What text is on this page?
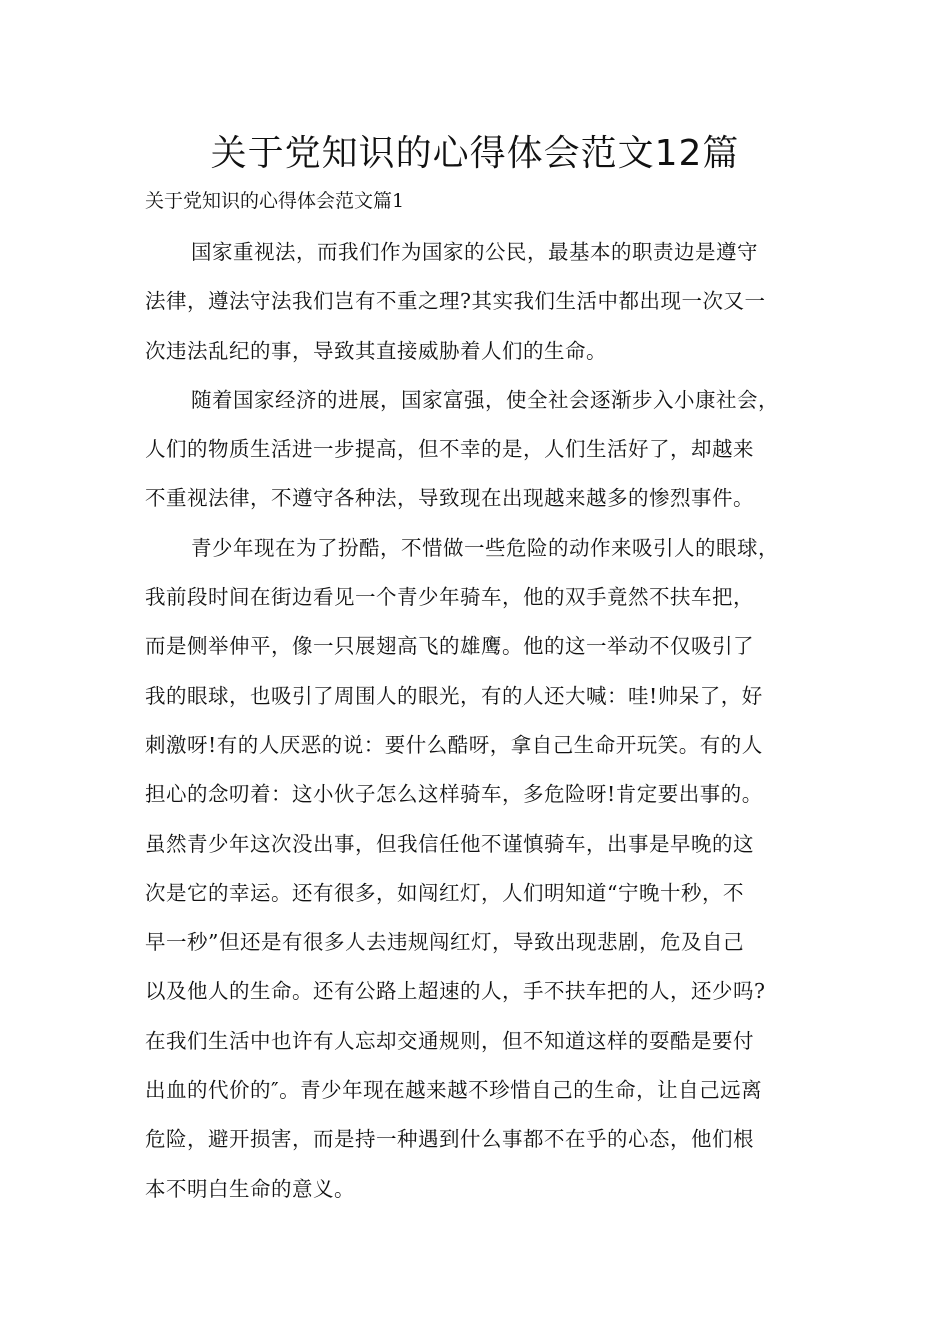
关于党知识的心得体会范文12篇

关于党知识的心得体会范文篇1

国家重视法，而我们作为国家的公民，最基本的职责边是遵守
法律，遵法守法我们岂有不重之理?其实我们生活中都出现一次又一
次违法乱纪的事，导致其直接威胁着人们的生命。
随着国家经济的进展，国家富强，使全社会逐渐步入小康社会，
人们的物质生活进一步提高，但不幸的是，人们生活好了，却越来
不重视法律，不遵守各种法，导致现在出现越来越多的惨烈事件。
青少年现在为了扮酷，不惜做一些危险的动作来吸引人的眼球，
我前段时间在街边看见一个青少年骑车，他的双手竟然不扶车把，
而是侧举伸平，像一只展翅高飞的雄鹰。他的这一举动不仅吸引了
我的眼球，也吸引了周围人的眼光，有的人还大喊：哇!帅呆了，好
刺激呀!有的人厌恶的说：要什么酷呀，拿自己生命开玩笑。有的人
担心的念叨着：这小伙子怎么这样骑车，多危险呀!肯定要出事的。
虽然青少年这次没出事，但我信任他不谨慎骑车，出事是早晚的这
次是它的幸运。还有很多，如闯红灯，人们明知道“宁晚十秒，不
早一秒”但还是有很多人去违规闯红灯，导致出现悲剧，危及自己
以及他人的生命。还有公路上超速的人，手不扶车把的人，还少吗?
在我们生活中也许有人忘却交通规则，但不知道这样的耍酷是要付
出血的代价的″。青少年现在越来越不珍惜自己的生命，让自己远离
危险，避开损害，而是持一种遇到什么事都不在乎的心态，他们根
本不明白生命的意义。
